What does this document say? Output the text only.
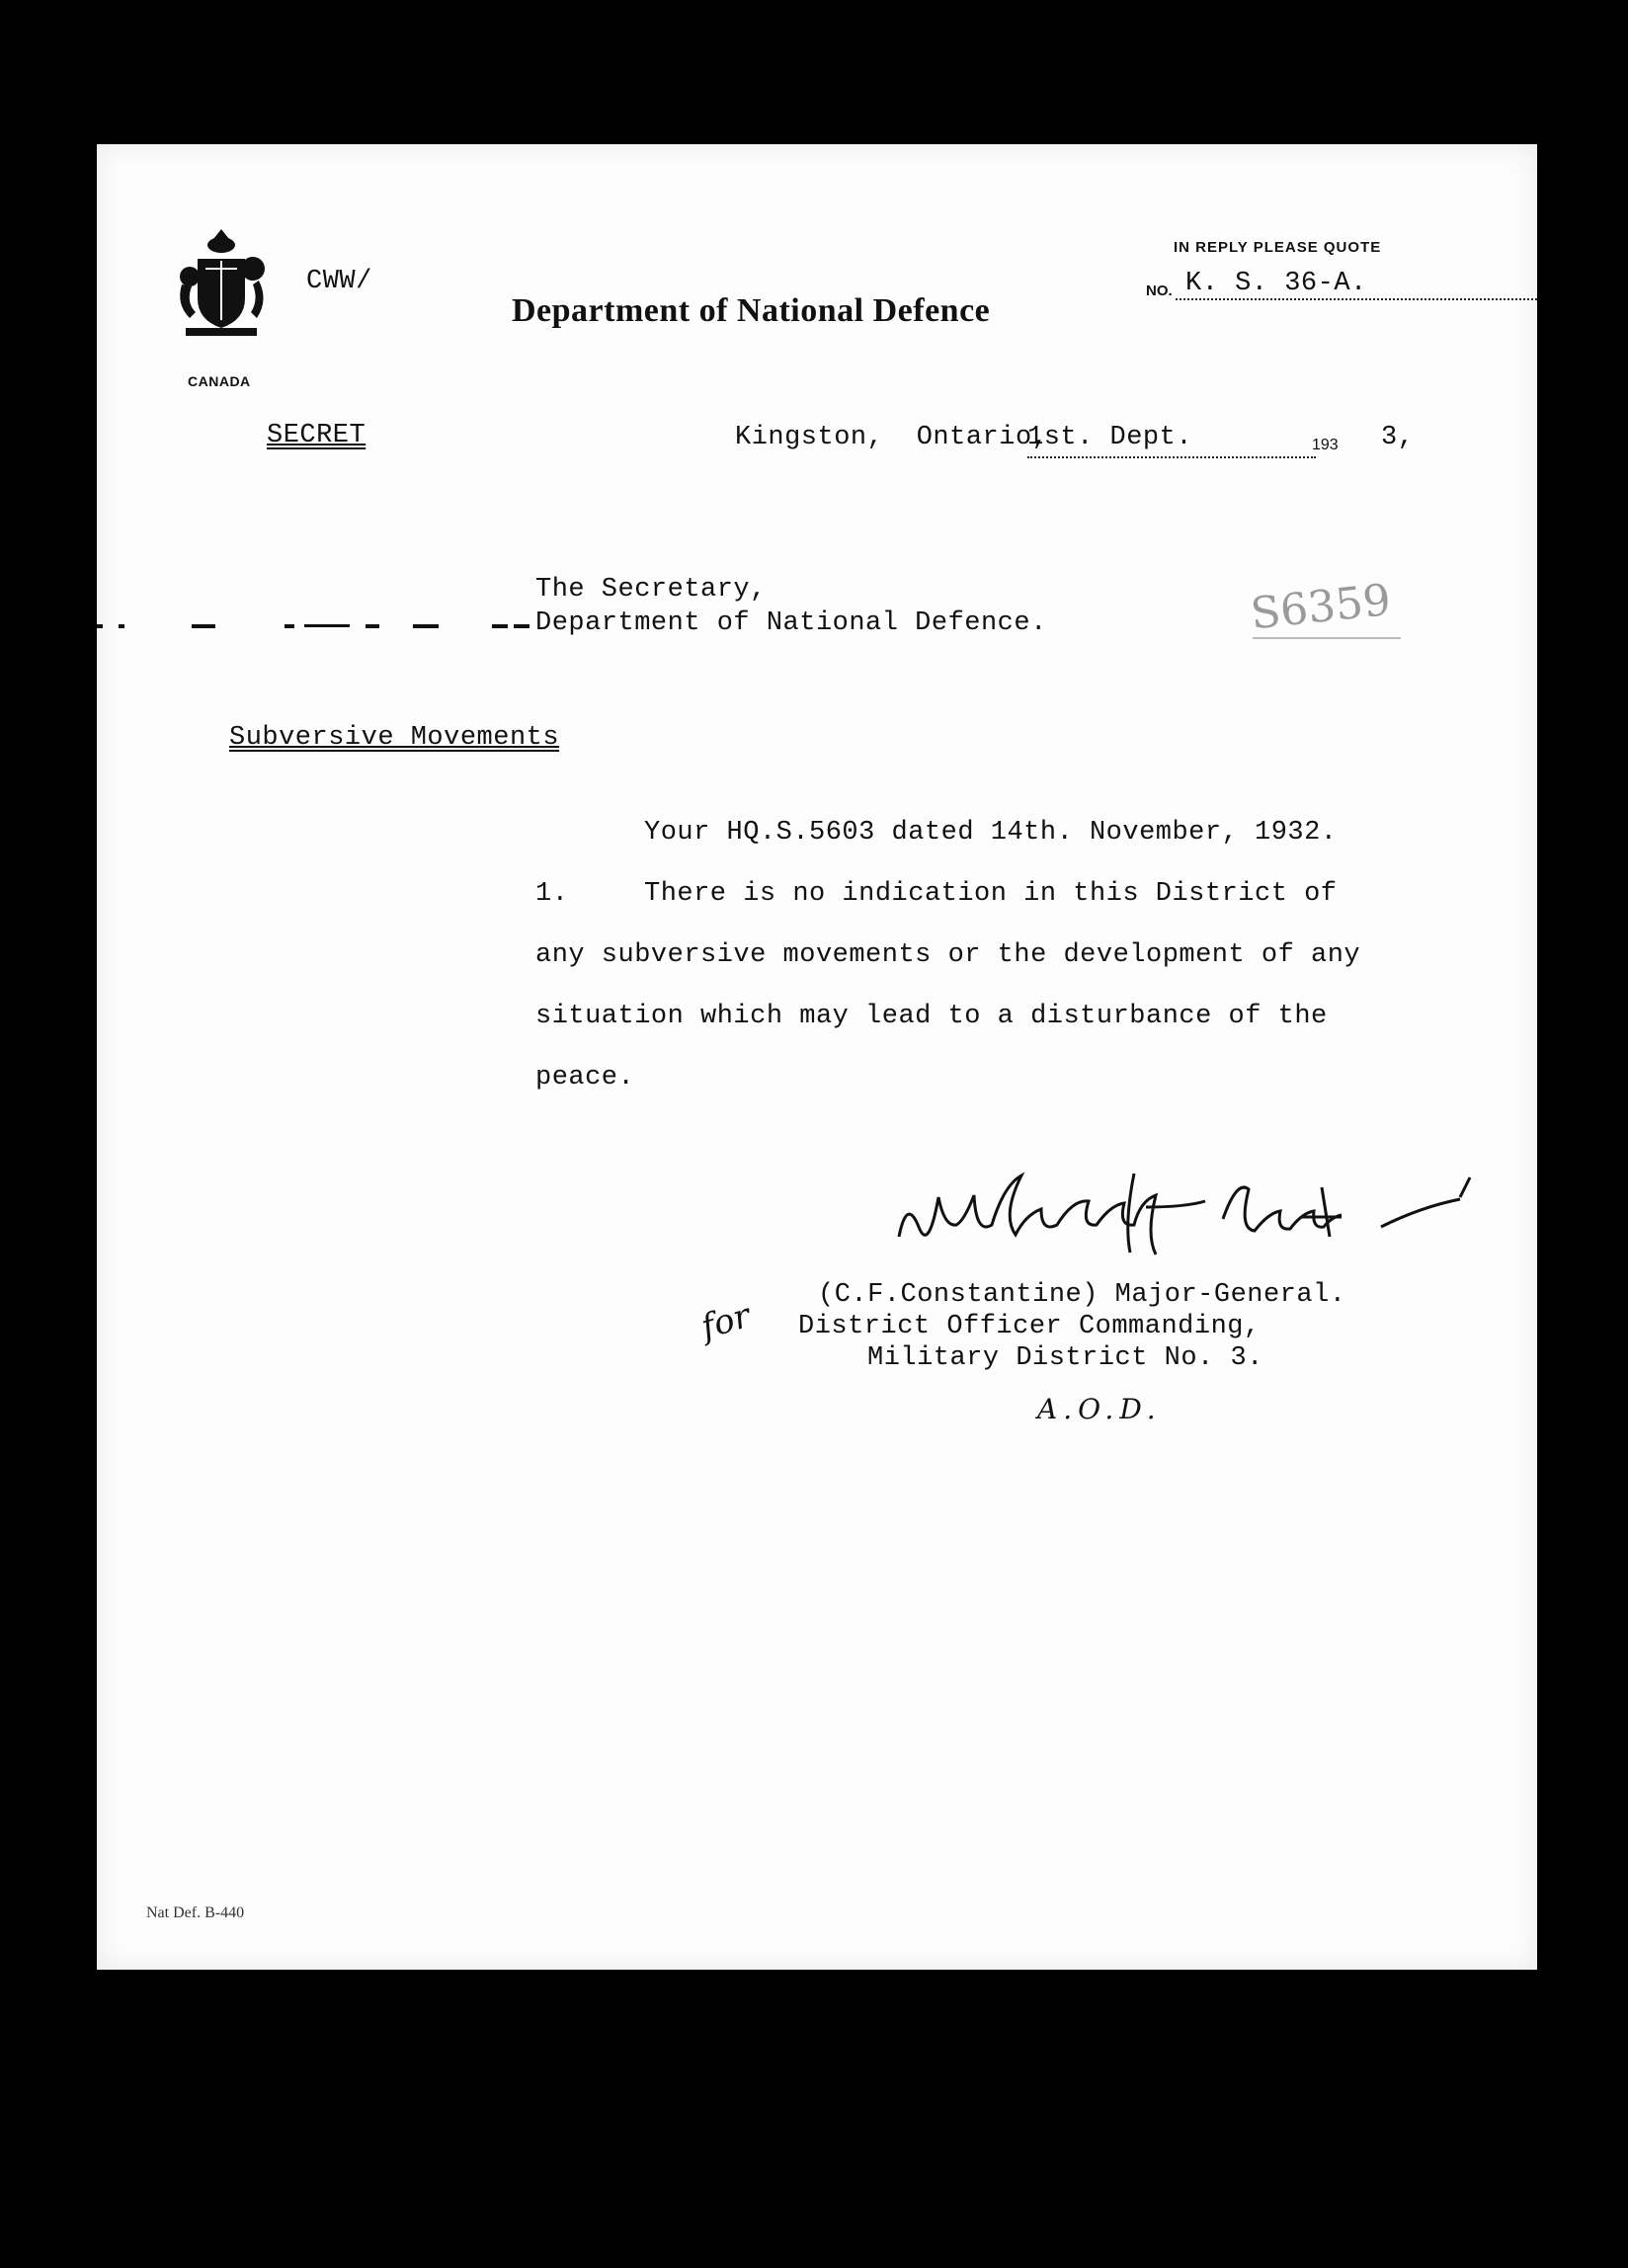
CANADA
CWW/
Department of National Defence
IN REPLY PLEASE QUOTE
NO. K. S. 36-A.
SECRET	Kingston,  Ontario,
1st. Dept.	193 3,
The Secretary,
Department of National Defence.	S6359
Subversive Movements
Your HQ.S.5603 dated 14th. November, 1932.
1.	There is no indication in this District of
any subversive movements or the development of any
situation which may lead to a disturbance of the
peace.
(C.F.Constantine) Major-General.
District Officer Commanding,
Military District No. 3.
for
A.O.D.
Nat Def. B-440
